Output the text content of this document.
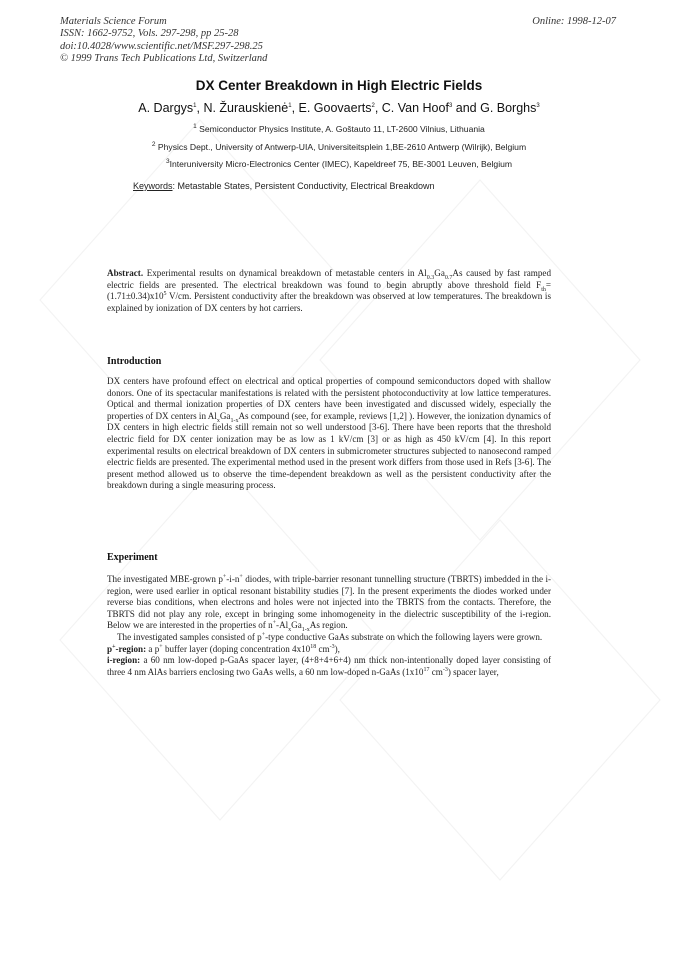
Materials Science Forum
ISSN: 1662-9752, Vols. 297-298, pp 25-28
doi:10.4028/www.scientific.net/MSF.297-298.25
© 1999 Trans Tech Publications Ltd, Switzerland
Online: 1998-12-07
DX Center Breakdown in High Electric Fields
A. Dargys$^1$, N. Žurauskienė$^1$, E. Goovaerts$^2$, C. Van Hoof$^3$ and G. Borghs$^3$
$^1$ Semiconductor Physics Institute, A. Goštauto 11, LT-2600 Vilnius, Lithuania
$^2$ Physics Dept., University of Antwerp-UIA, Universiteitsplein 1,BE-2610 Antwerp (Wilrijk), Belgium
$^3$Interuniversity Micro-Electronics Center (IMEC), Kapeldreef 75, BE-3001 Leuven, Belgium
Keywords: Metastable States, Persistent Conductivity, Electrical Breakdown

Abstract. Experimental results on dynamical breakdown of metastable centers in $Al_{0.3}Ga_{0.7}As$ caused by fast ramped electric fields are presented. The electrical breakdown was found to begin abruptly above threshold field $F_{th}=(1.71\pm 0.34)x10^5$ V/cm. Persistent conductivity after the breakdown was observed at low temperatures. The breakdown is explained by ionization of DX centers by hot carriers.

Introduction

DX centers have profound effect on electrical and optical properties of compound semiconductors doped with shallow donors. One of its spectacular manifestations is related with the persistent photoconductivity at low lattice temperatures. Optical and thermal ionization properties of DX centers have been investigated and discussed widely, especially the properties of DX centers in $Al_xGa_{1-x}As$ compound (see, for example, reviews [1,2] ). However, the ionization dynamics of DX centers in high electric fields still remain not so well understood [3-6]. There have been reports that the threshold electric field for DX center ionization may be as low as 1 kV/cm [3] or as high as 450 kV/cm [4]. In this report experimental results on electrical breakdown of DX centers in submicrometer structures subjected to nanosecond ramped electric fields are presented. The experimental method used in the present work differs from those used in Refs [3-6]. The present method allowed us to observe the time-dependent breakdown as well as the persistent conductivity after the breakdown during a single measuring process.

Experiment

The investigated MBE-grown p+-i-n+ diodes, with triple-barrier resonant tunnelling structure (TBRTS) imbedded in the i-region, were used earlier in optical resonant bistability studies [7]. In the present experiments the diodes worked under reverse bias conditions, when electrons and holes were not injected into the TBRTS from the contacts. Therefore, the TBRTS did not play any role, except in bringing some inhomogeneity in the dielectric susceptibility of the i-region. Below we are interested in the properties of $n^+-Al_xGa_{1-x}As$ region.

The investigated samples consisted of p+-type conductive GaAs substrate on which the following layers were grown.

p+-region: a p+ buffer layer (doping concentration $4x10^{18}$ $cm^{-3}$),

i-region: a 60 nm low-doped p-GaAs spacer layer, (4+8+4+6+4) nm thick non-intentionally doped layer consisting of three 4 nm AlAs barriers enclosing two GaAs wells, a 60 nm low-doped n-GaAs ($1x10^{17}$ $cm^{-3}$) spacer layer,
